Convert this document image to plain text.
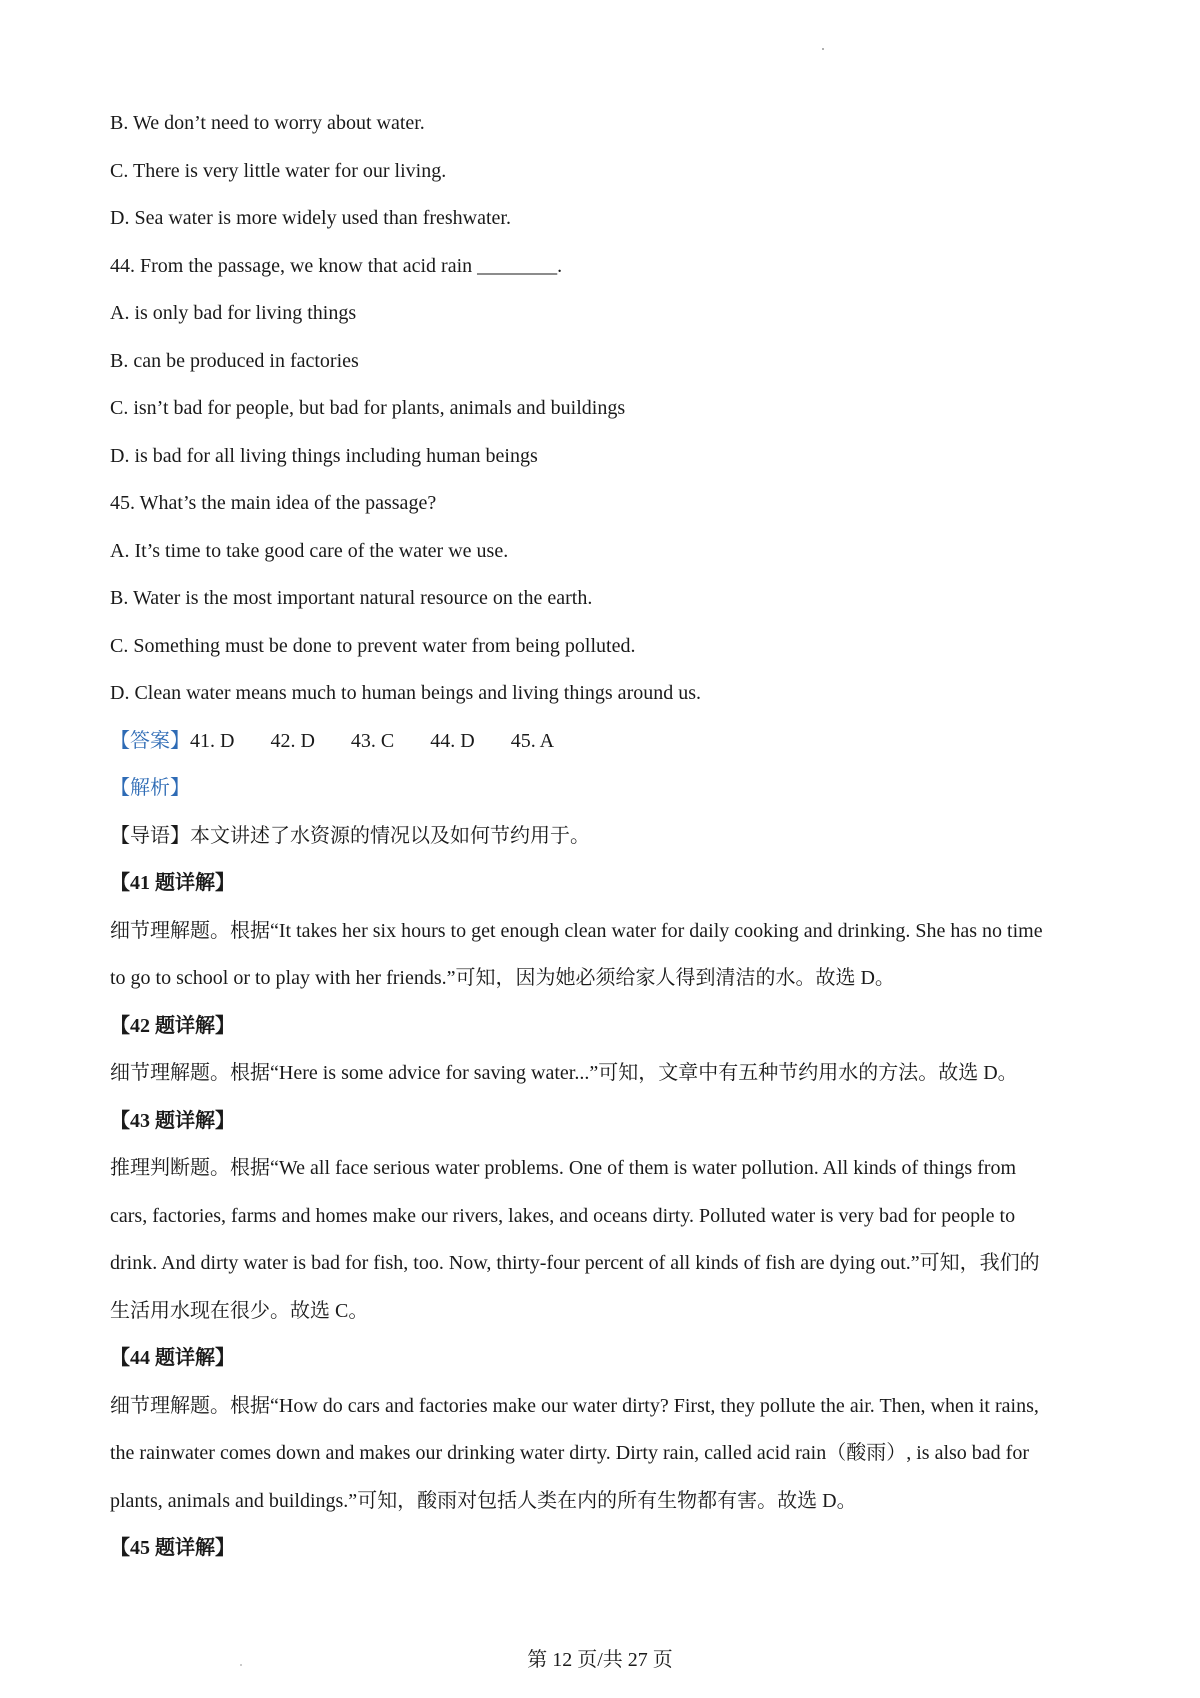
B. We don’t need to worry about water.
C. There is very little water for our living.
D. Sea water is more widely used than freshwater.
44. From the passage, we know that acid rain ________.
A. is only bad for living things
B. can be produced in factories
C. isn’t bad for people, but bad for plants, animals and buildings
D. is bad for all living things including human beings
45. What’s the main idea of the passage?
A. It’s time to take good care of the water we use.
B. Water is the most important natural resource on the earth.
C. Something must be done to prevent water from being polluted.
D. Clean water means much to human beings and living things around us.
【答案】41. D 42. D 43. C 44. D 45. A
【解析】
【导语】本文讲述了水资源的情况以及如何节约用于。
【41 题详解】
细节理解题。根据“It takes her six hours to get enough clean water for daily cooking and drinking. She has no time
to go to school or to play with her friends.”可知，因为她必须给家人得到清洁的水。故选 D。
【42 题详解】
细节理解题。根据“Here is some advice for saving water...”可知，文章中有五种节约用水的方法。故选 D。
【43 题详解】
推理判断题。根据“We all face serious water problems. One of them is water pollution. All kinds of things from
cars, factories, farms and homes make our rivers, lakes, and oceans dirty. Polluted water is very bad for people to
drink. And dirty water is bad for fish, too. Now, thirty-four percent of all kinds of fish are dying out.”可知，我们的
生活用水现在很少。故选 C。
【44 题详解】
细节理解题。根据“How do cars and factories make our water dirty? First, they pollute the air. Then, when it rains,
the rainwater comes down and makes our drinking water dirty. Dirty rain, called acid rain（酸雨）, is also bad for
plants, animals and buildings.”可知，酸雨对包括人类在内的所有生物都有害。故选 D。
【45 题详解】
第 12 页/共 27 页
